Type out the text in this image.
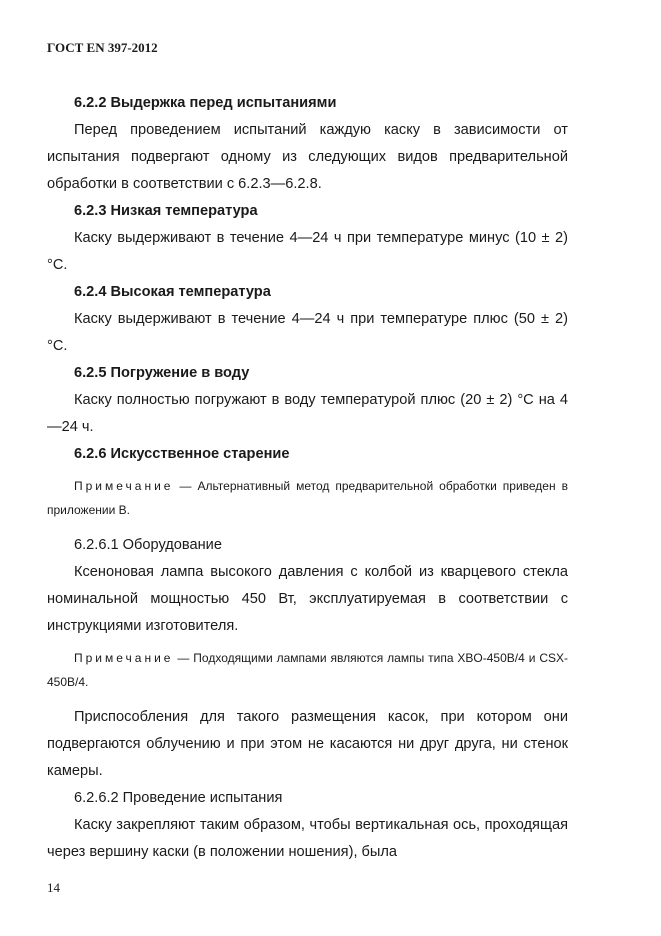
ГОСТ EN 397-2012

6.2.2 Выдержка перед испытаниями

Перед проведением испытаний каждую каску в зависимости от испытания подвергают одному из следующих видов предварительной обработки в соответствии с 6.2.3—6.2.8.

6.2.3 Низкая температура

Каску выдерживают в течение 4—24 ч при температуре минус (10 ± 2) °C.

6.2.4 Высокая температура

Каску выдерживают в течение 4—24 ч при температуре плюс (50 ± 2) °C.

6.2.5 Погружение в воду

Каску полностью погружают в воду температурой плюс (20 ± 2) °C на 4—24 ч.

6.2.6 Искусственное старение

Примечание — Альтернативный метод предварительной обработки приведен в приложении В.

6.2.6.1 Оборудование

Ксеноновая лампа высокого давления с колбой из кварцевого стекла номинальной мощностью 450 Вт, эксплуатируемая в соответствии с инструкциями изготовителя.

Примечание — Подходящими лампами являются лампы типа XBO-450B/4 и CSX-450B/4.

Приспособления для такого размещения касок, при котором они подвергаются облучению и при этом не касаются ни друг друга, ни стенок камеры.

6.2.6.2 Проведение испытания

Каску закрепляют таким образом, чтобы вертикальная ось, проходящая через вершину каски (в положении ношения), была

14
